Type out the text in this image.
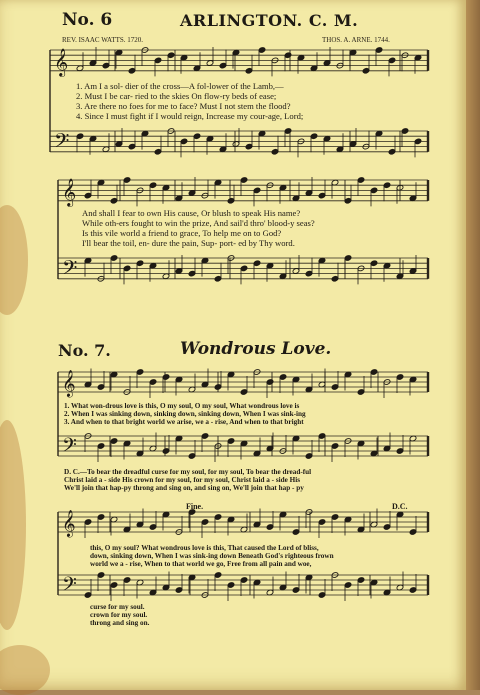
𝄞
𝄢
𝄞
𝄢
𝄞
𝄢
𝄞
𝄢
No. 6	ARLINGTON. C. M.
REV. ISAAC WATTS. 1720.	THOS. A. ARNE. 1744.
1. Am I a sol- dier of the cross—A fol-lower of the Lamb,—
2. Must I be car- ried to the skies On flow-ry beds of ease;
3. Are there no foes for me to face? Must I not stem the flood?
4. Since I must fight if I would reign, Increase my cour-age, Lord;
And shall I fear to own His cause, Or blush to speak His name?
While oth-ers fought to win the prize, And sail'd thro' blood-y seas?
Is this vile world a friend to grace, To help me on to God?
I'll bear the toil, en- dure the pain, Sup- port- ed by Thy word.
No. 7.	Wondrous Love.
1. What won-drous love is this, O my soul, O my soul, What wondrous love is
2. When I was sinking down, sinking down, sinking down, When I was sink-ing
3. And when to that bright world we arise, we a - rise, And when to that bright
D. C.—To bear the dreadful curse for my soul, for my soul, To bear the dread-ful
Christ laid a - side His crown for my soul, for my soul, Christ laid a - side His
We'll join that hap-py throng and sing on, and sing on, We'll join that hap - py
Fine.	D.C.
this, O my soul? What wondrous love is this, That caused the Lord of bliss,
down, sinking down, When I was sink-ing down Beneath God's righteous frown
world we a - rise, When to that world we go, Free from all pain and woe,
curse for my soul.
crown for my soul.
throng and sing on.
